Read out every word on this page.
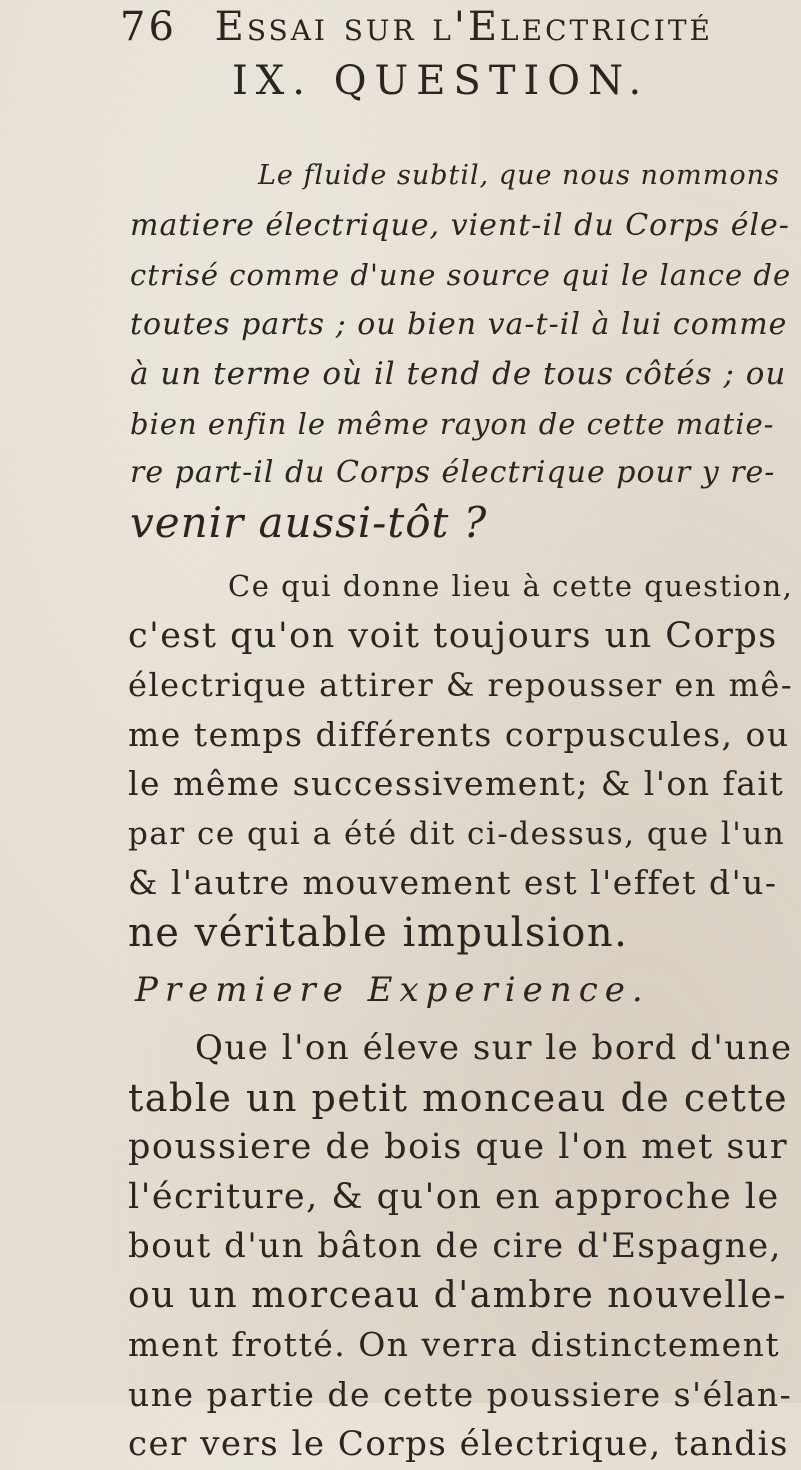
76 Essai sur l'Electricité
IX. QUESTION.
Le fluide subtil, que nous nommons
matiere électrique, vient-il du Corps éle-
ctrisé comme d'une source qui le lance de
toutes parts ; ou bien va-t-il à lui comme
à un terme où il tend de tous côtés ; ou
bien enfin le même rayon de cette matie-
re part-il du Corps électrique pour y re-
venir aussi-tôt ?
Ce qui donne lieu à cette question,
c'est qu'on voit toujours un Corps
électrique attirer & repousser en mê-
me temps différents corpuscules, ou
le même successivement; & l'on fait
par ce qui a été dit ci-dessus, que l'un
& l'autre mouvement est l'effet d'u-
ne véritable impulsion.
Premiere Experience.
Que l'on éleve sur le bord d'une
table un petit monceau de cette
poussiere de bois que l'on met sur
l'écriture, & qu'on en approche le
bout d'un bâton de cire d'Espagne,
ou un morceau d'ambre nouvelle-
ment frotté. On verra distinctement
une partie de cette poussiere s'élan-
cer vers le Corps électrique, tandis
